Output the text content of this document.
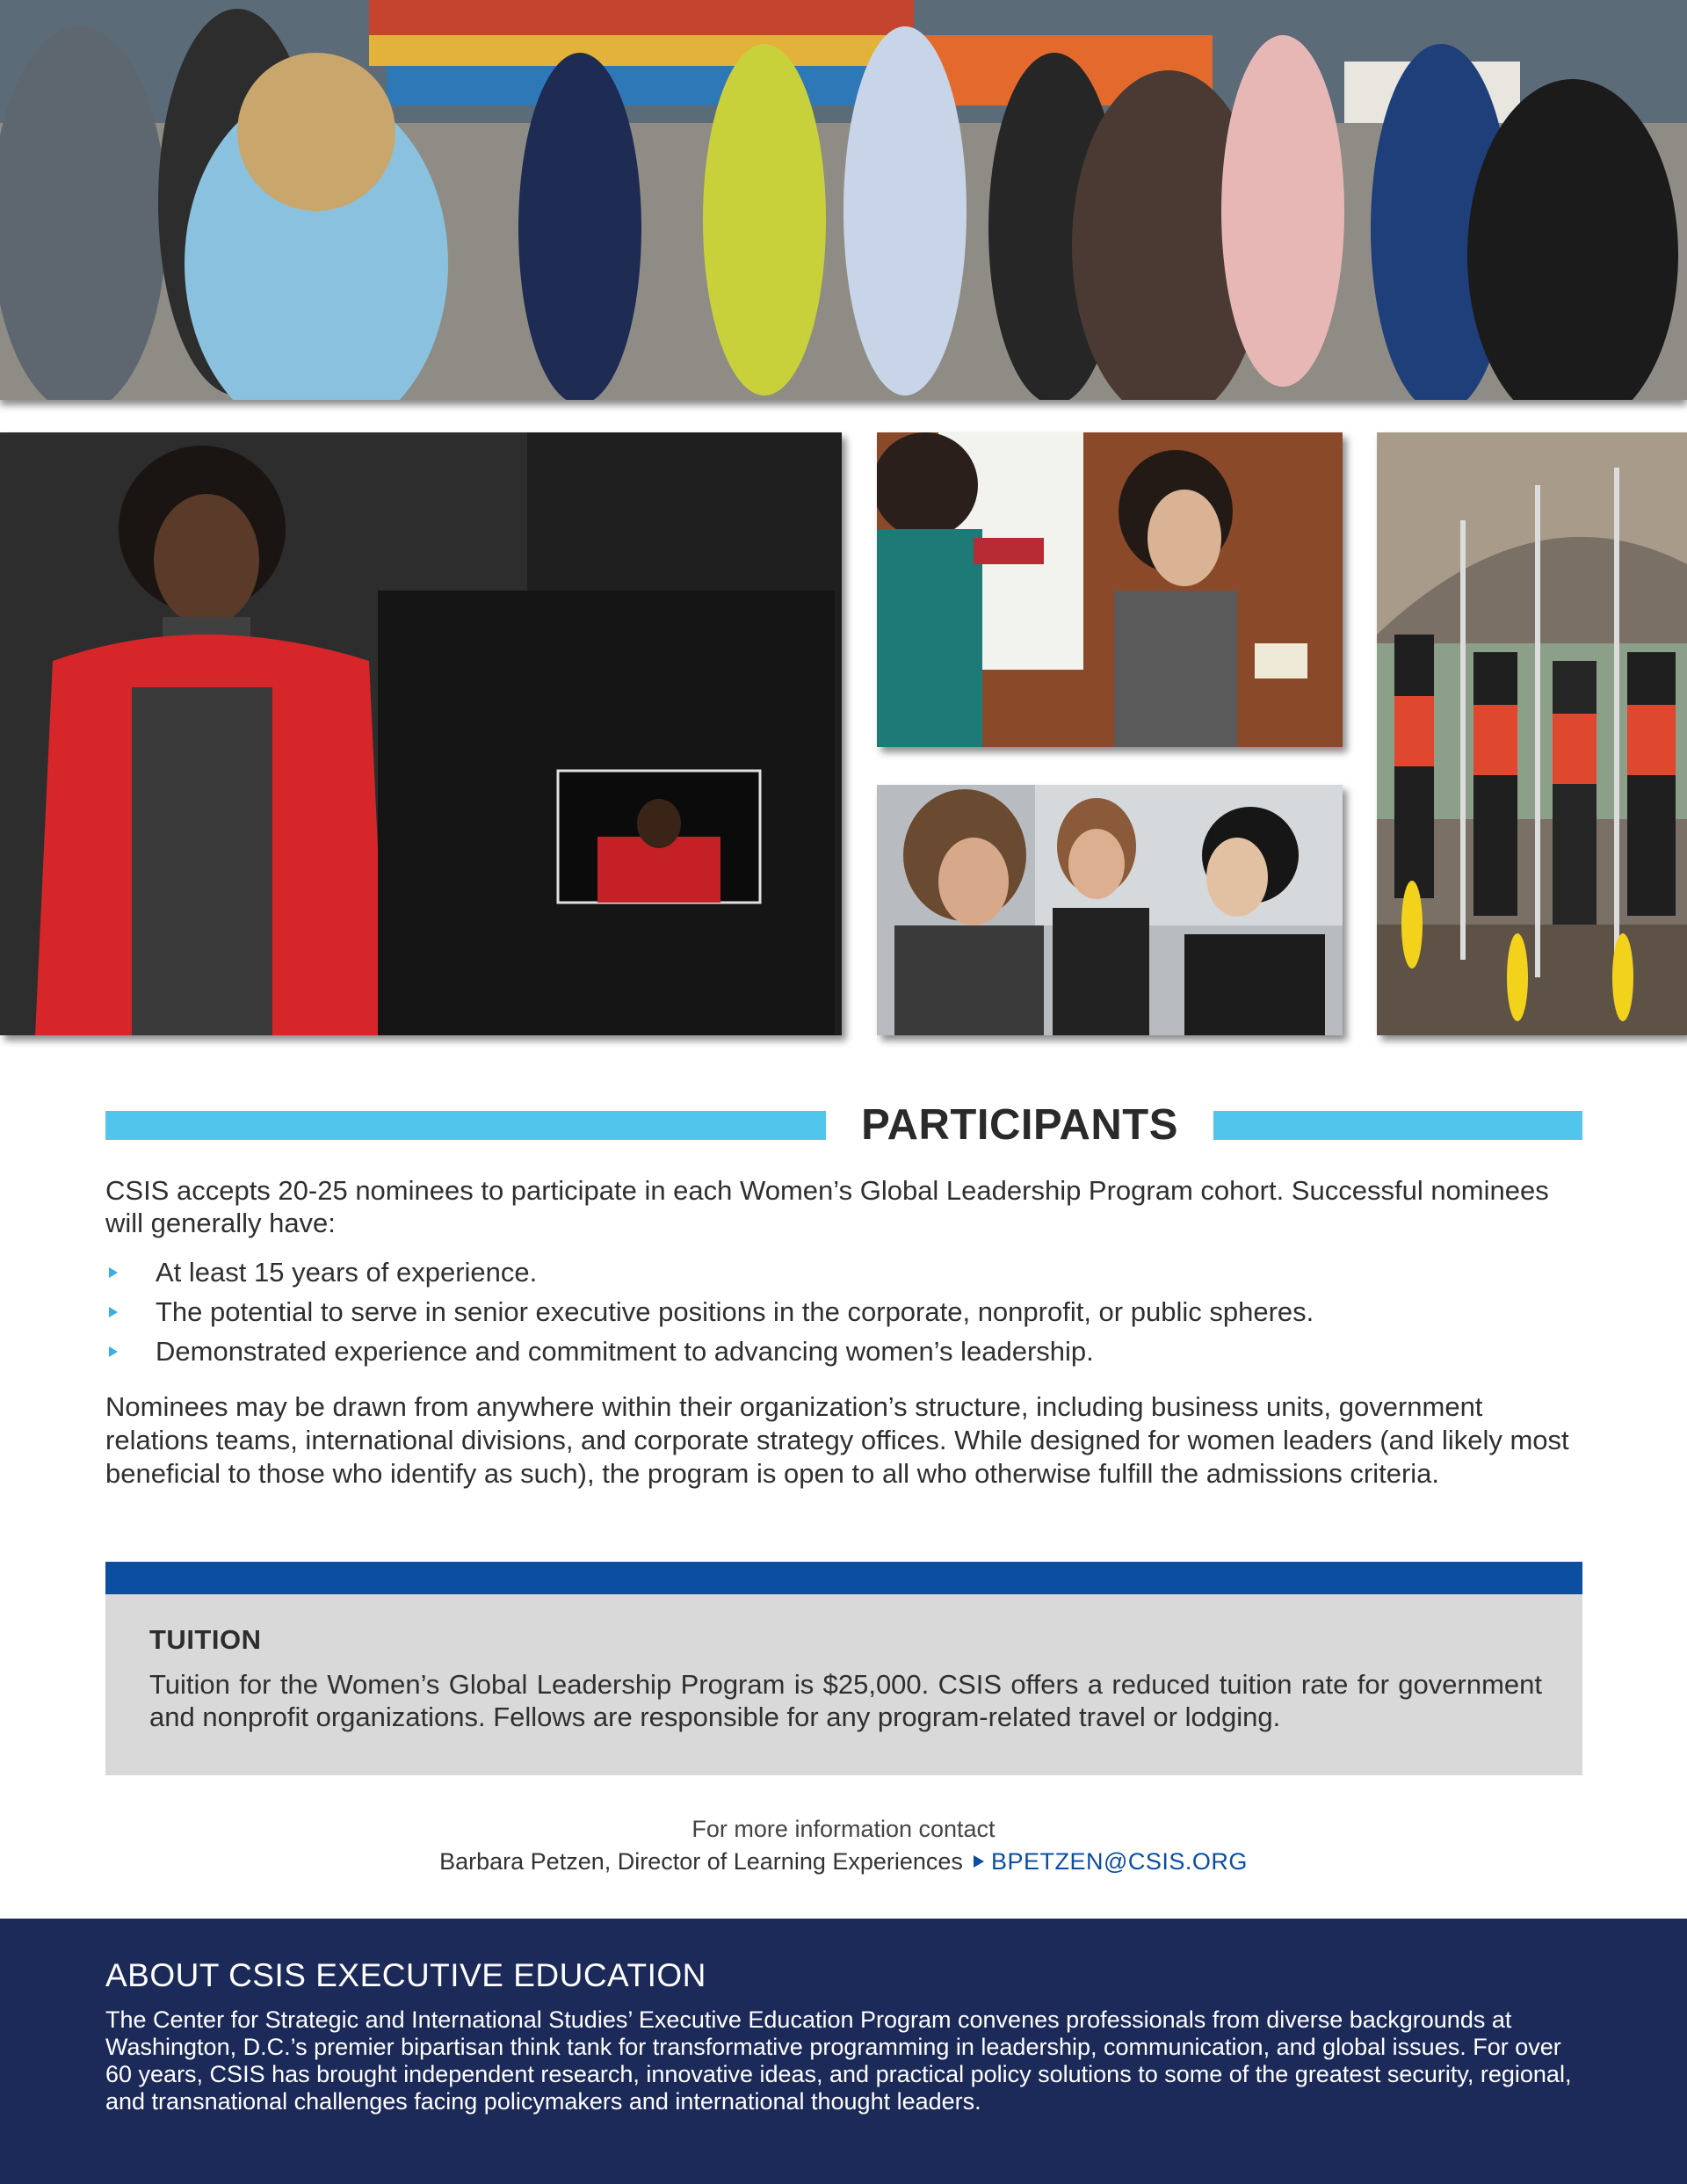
PARTICIPANTS

CSIS accepts 20-25 nominees to participate in each Women’s Global Leadership Program cohort. Successful nominees will generally have:

At least 15 years of experience.
The potential to serve in senior executive positions in the corporate, nonprofit, or public spheres.
Demonstrated experience and commitment to advancing women’s leadership.

Nominees may be drawn from anywhere within their organization’s structure, including business units, government relations teams, international divisions, and corporate strategy offices. While designed for women leaders (and likely most beneficial to those who identify as such), the program is open to all who otherwise fulfill the admissions criteria.

TUITION

Tuition for the Women’s Global Leadership Program is $25,000. CSIS offers a reduced tuition rate for government and nonprofit organizations. Fellows are responsible for any program-related travel or lodging.

For more information contact
Barbara Petzen, Director of Learning Experiences BPETZEN@CSIS.ORG
ABOUT CSIS EXECUTIVE EDUCATION

The Center for Strategic and International Studies’ Executive Education Program convenes professionals from diverse backgrounds at Washington, D.C.’s premier bipartisan think tank for transformative programming in leadership, communication, and global issues. For over 60 years, CSIS has brought independent research, innovative ideas, and practical policy solutions to some of the greatest security, regional, and transnational challenges facing policymakers and international thought leaders.
